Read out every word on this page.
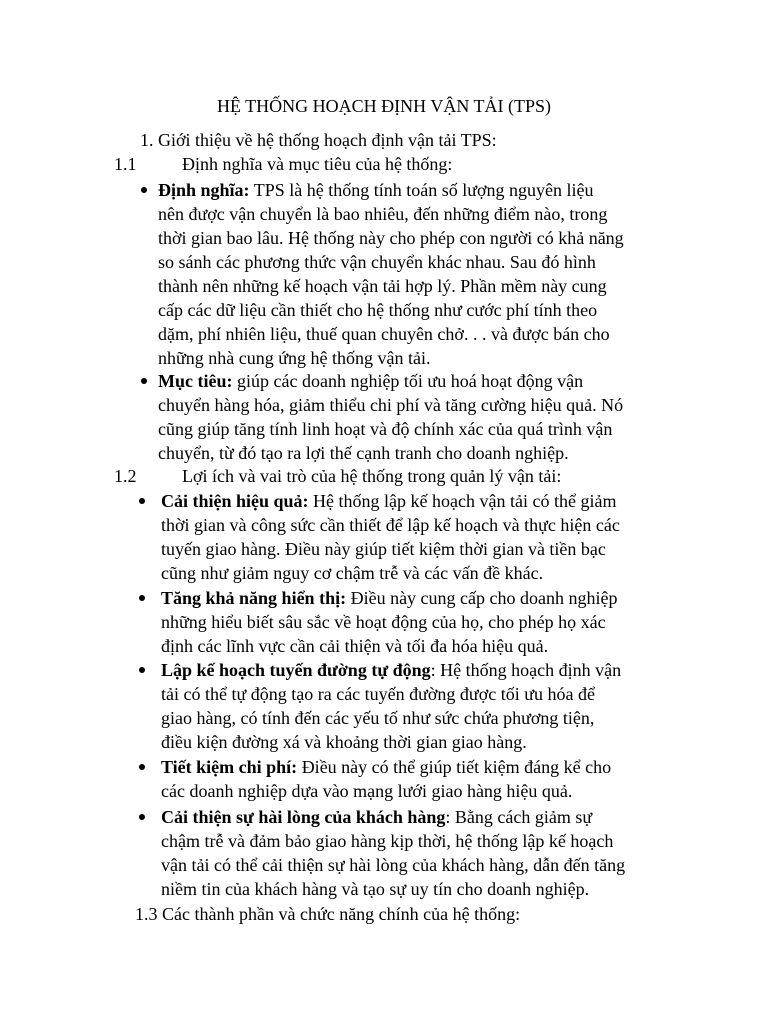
HỆ THỐNG HOẠCH ĐỊNH VẬN TẢI (TPS)
1. Giới thiệu về hệ thống hoạch định vận tải TPS:
1.1	Định nghĩa và mục tiêu của hệ thống:
Định nghĩa: TPS là hệ thống tính toán số lượng nguyên liệu
nên được vận chuyển là bao nhiêu, đến những điểm nào, trong
thời gian bao lâu. Hệ thống này cho phép con người có khả năng
so sánh các phương thức vận chuyển khác nhau. Sau đó hình
thành nên những kế hoạch vận tải hợp lý. Phần mềm này cung
cấp các dữ liệu cần thiết cho hệ thống như cước phí tính theo
dặm, phí nhiên liệu, thuế quan chuyên chở. . . và được bán cho
những nhà cung ứng hệ thống vận tải.
Mục tiêu: giúp các doanh nghiệp tối ưu hoá hoạt động vận
chuyển hàng hóa, giảm thiểu chi phí và tăng cường hiệu quả. Nó
cũng giúp tăng tính linh hoạt và độ chính xác của quá trình vận
chuyển, từ đó tạo ra lợi thế cạnh tranh cho doanh nghiệp.
1.2	Lợi ích và vai trò của hệ thống trong quản lý vận tải:
Cải thiện hiệu quả: Hệ thống lập kế hoạch vận tải có thể giảm
thời gian và công sức cần thiết để lập kế hoạch và thực hiện các
tuyến giao hàng. Điều này giúp tiết kiệm thời gian và tiền bạc
cũng như giảm nguy cơ chậm trễ và các vấn đề khác.
Tăng khả năng hiển thị: Điều này cung cấp cho doanh nghiệp
những hiểu biết sâu sắc về hoạt động của họ, cho phép họ xác
định các lĩnh vực cần cải thiện và tối đa hóa hiệu quả.
Lập kế hoạch tuyến đường tự động: Hệ thống hoạch định vận
tải có thể tự động tạo ra các tuyến đường được tối ưu hóa để
giao hàng, có tính đến các yếu tố như sức chứa phương tiện,
điều kiện đường xá và khoảng thời gian giao hàng.
Tiết kiệm chi phí: Điều này có thể giúp tiết kiệm đáng kể cho
các doanh nghiệp dựa vào mạng lưới giao hàng hiệu quả.
Cải thiện sự hài lòng của khách hàng: Bằng cách giảm sự
chậm trễ và đảm bảo giao hàng kịp thời, hệ thống lập kế hoạch
vận tải có thể cải thiện sự hài lòng của khách hàng, dẫn đến tăng
niềm tin của khách hàng và tạo sự uy tín cho doanh nghiệp.
1.3 Các thành phần và chức năng chính của hệ thống:
